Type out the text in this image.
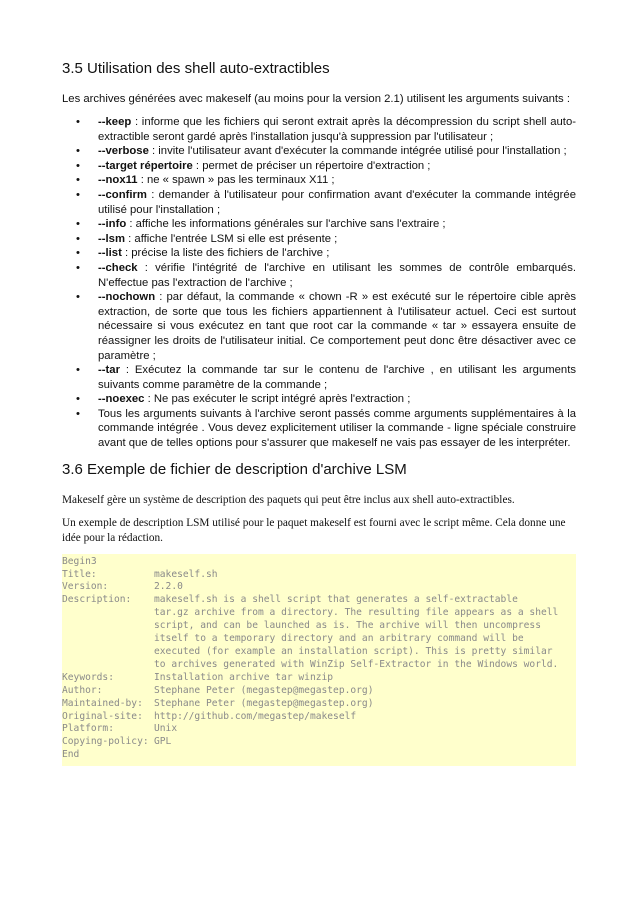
3.5 Utilisation des shell auto-extractibles

Les archives générées avec makeself (au moins pour la version 2.1) utilisent les arguments suivants :

• --keep : informe que les fichiers qui seront extrait après la décompression du script shell auto-extractible seront gardé après l'installation jusqu'à suppression par l'utilisateur ;
• --verbose : invite l'utilisateur avant d'exécuter la commande intégrée utilisé pour l'installation ;
• --target répertoire : permet de préciser un répertoire d'extraction ;
• --nox11 : ne « spawn » pas les terminaux X11 ;
• --confirm : demander à l'utilisateur pour confirmation avant d'exécuter la commande intégrée utilisé pour l'installation ;
• --info : affiche les informations générales sur l'archive sans l'extraire ;
• --lsm : affiche l'entrée LSM si elle est présente ;
• --list : précise la liste des fichiers de l'archive ;
• --check : vérifie l'intégrité de l'archive en utilisant les sommes de contrôle embarqués. N'effectue pas l'extraction de l'archive ;
• --nochown : par défaut, la commande « chown -R » est exécuté sur le répertoire cible après extraction, de sorte que tous les fichiers appartiennent à l'utilisateur actuel. Ceci est surtout nécessaire si vous exécutez en tant que root car la commande « tar » essayera ensuite de réassigner les droits de l'utilisateur initial. Ce comportement peut donc être désactiver avec ce paramètre ;
• --tar : Exécutez la commande tar sur le contenu de l'archive , en utilisant les arguments suivants comme paramètre de la commande ;
• --noexec : Ne pas exécuter le script intégré après l'extraction ;
• Tous les arguments suivants à l'archive seront passés comme arguments supplémentaires à la commande intégrée . Vous devez explicitement utiliser la commande - ligne spéciale construire avant que de telles options pour s'assurer que makeself ne vais pas essayer de les interpréter.
3.6 Exemple de fichier de description d'archive LSM

Makeself gère un système de description des paquets qui peut être inclus aux shell auto-extractibles.

Un exemple de description LSM utilisé pour le paquet makeself est fourni avec le script même. Cela donne une idée pour la rédaction.

Begin3
Title:	makeself.sh
Version:	2.2.0
Description:	makeself.sh is a shell script that generates a self-extractable
tar.gz archive from a directory. The resulting file appears as a shell
script, and can be launched as is. The archive will then uncompress
itself to a temporary directory and an arbitrary command will be
executed (for example an installation script). This is pretty similar
to archives generated with WinZip Self-Extractor in the Windows world.
Keywords:	Installation archive tar winzip
Author:	Stephane Peter (megastep@megastep.org)
Maintained-by:	Stephane Peter (megastep@megastep.org)
Original-site:	http://github.com/megastep/makeself
Platform:	Unix
Copying-policy: GPL
End
